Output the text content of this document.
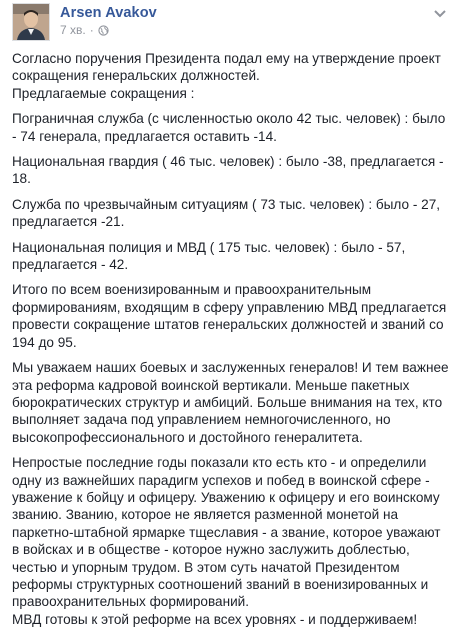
Arsen Avakov
7 хв. ·

Согласно поручения Президента подал ему на утверждение проект сокращения генеральских должностей.

Предлагаемые сокращения :

Пограничная служба (с численностью около 42 тыс. человек) : было - 74 генерала, предлагается оставить -14.

Национальная гвардия ( 46 тыс. человек) : было -38, предлагается - 18.

Служба по чрезвычайным ситуациям ( 73 тыс. человек) : было - 27, предлагается -21.

Национальная полиция и МВД ( 175 тыс. человек) : было - 57, предлагается - 42.

Итого по всем военизированным и правоохранительным формированиям, входящим в сферу управлению МВД предлагается провести сокращение штатов генеральских должностей и званий со 194 до 95.

Мы уважаем наших боевых и заслуженных генералов! И тем важнее эта реформа кадровой воинской вертикали. Меньше пакетных бюрократических структур и амбиций. Больше внимания на тех, кто выполняет задача под управлением немногочисленного, но высокопрофессионального и достойного генералитета.

Непростые последние годы показали кто есть кто - и определили одну из важнейших парадигм успехов и побед в воинской сфере - уважение к бойцу и офицеру. Уважению к офицеру и его воинскому званию. Званию, которое не является разменной монетой на паркетно-штабной ярмарке тщеславия - а звание, которое уважают в войсках и в обществе - которое нужно заслужить доблестью, честью и упорным трудом. В этом суть начатой Президентом реформы структурных соотношений званий в военизированных и правоохранительных формирований.

МВД готовы к этой реформе на всех уровнях - и поддерживаем!
